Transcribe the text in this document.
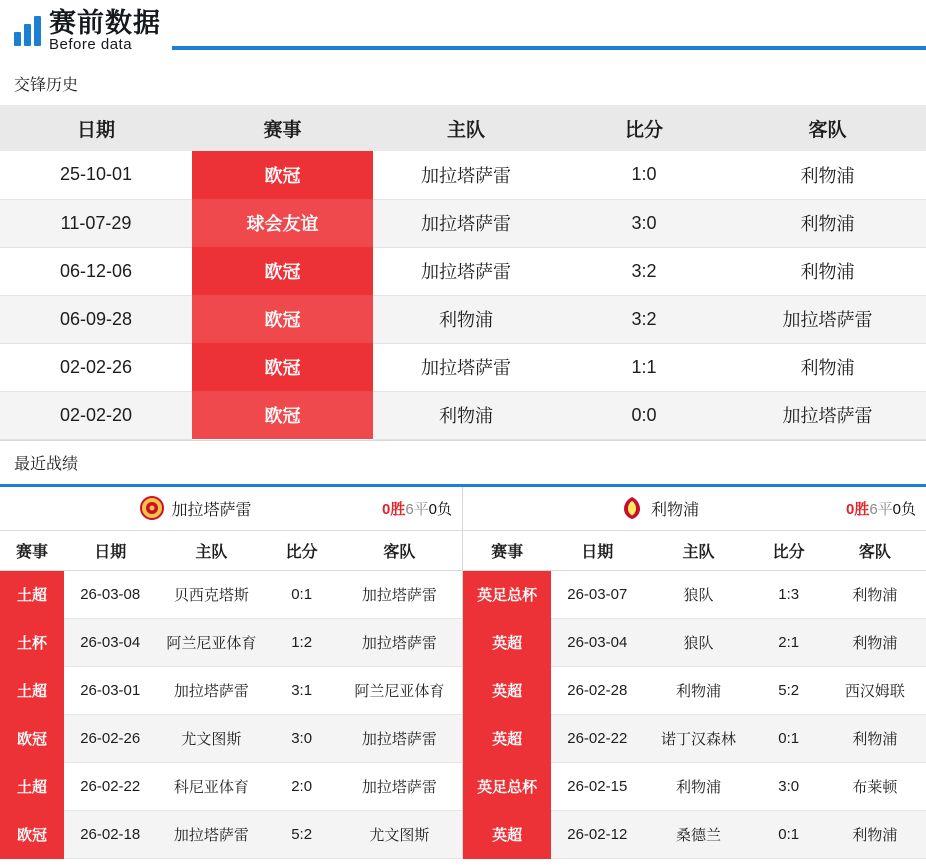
赛前数据
Before data
交锋历史
日期	赛事	主队	比分	客队
25-10-01	欧冠	加拉塔萨雷	1:0	利物浦
11-07-29	球会友谊	加拉塔萨雷	3:0	利物浦
06-12-06	欧冠	加拉塔萨雷	3:2	利物浦
06-09-28	欧冠	利物浦	3:2	加拉塔萨雷
02-02-26	欧冠	加拉塔萨雷	1:1	利物浦
02-02-20	欧冠	利物浦	0:0	加拉塔萨雷
最近战绩
加拉塔萨雷	0胜6平0负
赛事	日期	主队	比分	客队
土超	26-03-08	贝西克塔斯	0:1	加拉塔萨雷
土杯	26-03-04	阿兰尼亚体育	1:2	加拉塔萨雷
土超	26-03-01	加拉塔萨雷	3:1	阿兰尼亚体育
欧冠	26-02-26	尤文图斯	3:0	加拉塔萨雷
土超	26-02-22	科尼亚体育	2:0	加拉塔萨雷
欧冠	26-02-18	加拉塔萨雷	5:2	尤文图斯
利物浦	0胜6平0负
赛事	日期	主队	比分	客队
英足总杯	26-03-07	狼队	1:3	利物浦
英超	26-03-04	狼队	2:1	利物浦
英超	26-02-28	利物浦	5:2	西汉姆联
英超	26-02-22	诺丁汉森林	0:1	利物浦
英足总杯	26-02-15	利物浦	3:0	布莱顿
英超	26-02-12	桑德兰	0:1	利物浦
